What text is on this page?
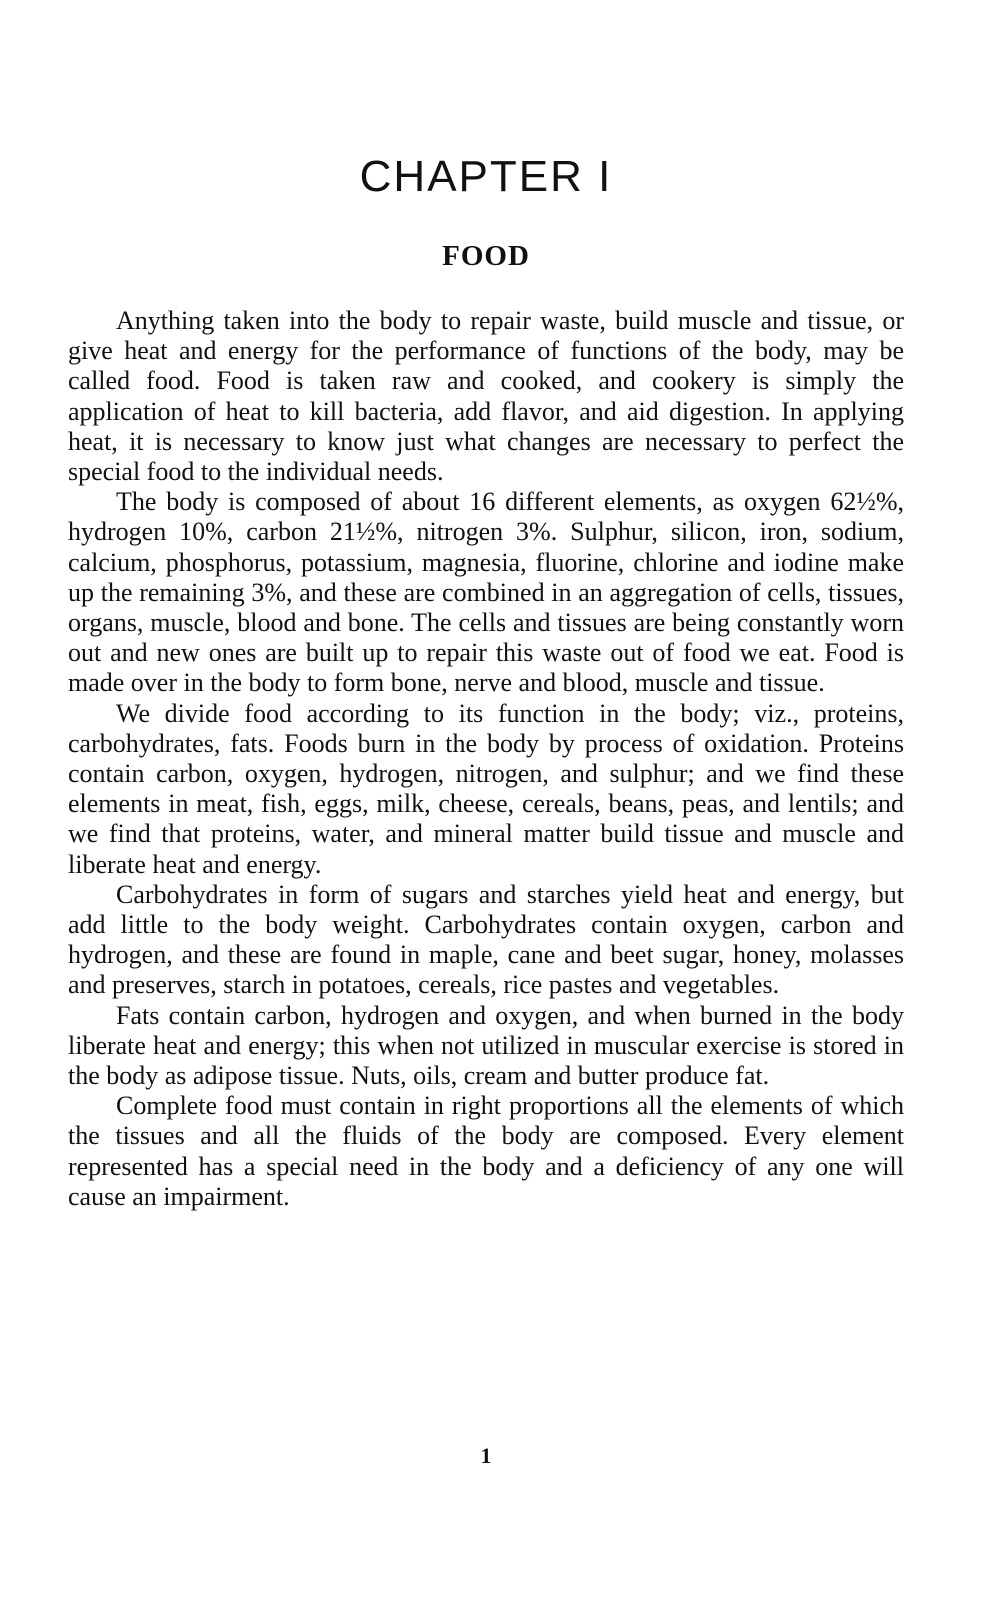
CHAPTER I
FOOD

Anything taken into the body to repair waste, build muscle and tissue, or give heat and energy for the performance of functions of the body, may be called food. Food is taken raw and cooked, and cookery is simply the application of heat to kill bacteria, add flavor, and aid digestion. In applying heat, it is necessary to know just what changes are necessary to perfect the special food to the individual needs.

The body is composed of about 16 different elements, as oxygen 62½%, hydrogen 10%, carbon 21½%, nitrogen 3%. Sulphur, silicon, iron, sodium, calcium, phosphorus, potassium, magnesia, fluorine, chlorine and iodine make up the remaining 3%, and these are combined in an aggregation of cells, tissues, organs, muscle, blood and bone. The cells and tissues are being constantly worn out and new ones are built up to repair this waste out of food we eat. Food is made over in the body to form bone, nerve and blood, muscle and tissue.

We divide food according to its function in the body; viz., proteins, carbohydrates, fats. Foods burn in the body by process of oxidation. Proteins contain carbon, oxygen, hydrogen, nitrogen, and sulphur; and we find these elements in meat, fish, eggs, milk, cheese, cereals, beans, peas, and lentils; and we find that proteins, water, and mineral matter build tissue and muscle and liberate heat and energy.

Carbohydrates in form of sugars and starches yield heat and energy, but add little to the body weight. Carbohydrates contain oxygen, carbon and hydrogen, and these are found in maple, cane and beet sugar, honey, molasses and preserves, starch in potatoes, cereals, rice pastes and vegetables.

Fats contain carbon, hydrogen and oxygen, and when burned in the body liberate heat and energy; this when not utilized in muscular exercise is stored in the body as adipose tissue. Nuts, oils, cream and butter produce fat.

Complete food must contain in right proportions all the elements of which the tissues and all the fluids of the body are composed. Every element represented has a special need in the body and a deficiency of any one will cause an impairment.

1
